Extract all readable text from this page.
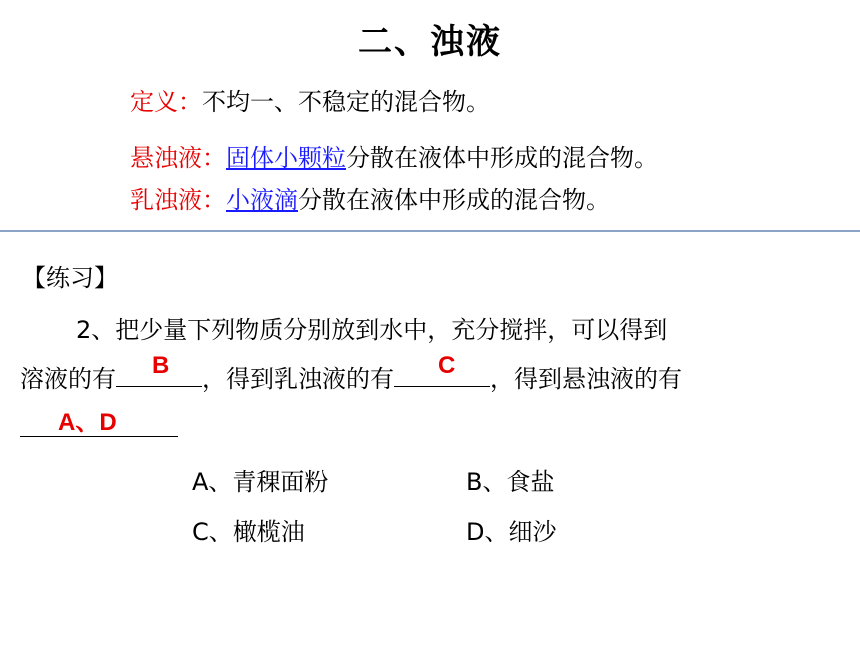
二、浊液
定义：不均一、不稳定的混合物。
悬浊液：固体小颗粒分散在液体中形成的混合物。
乳浊液：小液滴分散在液体中形成的混合物。
【练习】
2、把少量下列物质分别放到水中，充分搅拌，可以得到
溶液的有 B ，得到乳浊液的有 C ，得到悬浊液的有
A、D
A、青稞面粉	B、食盐
C、橄榄油	D、细沙
